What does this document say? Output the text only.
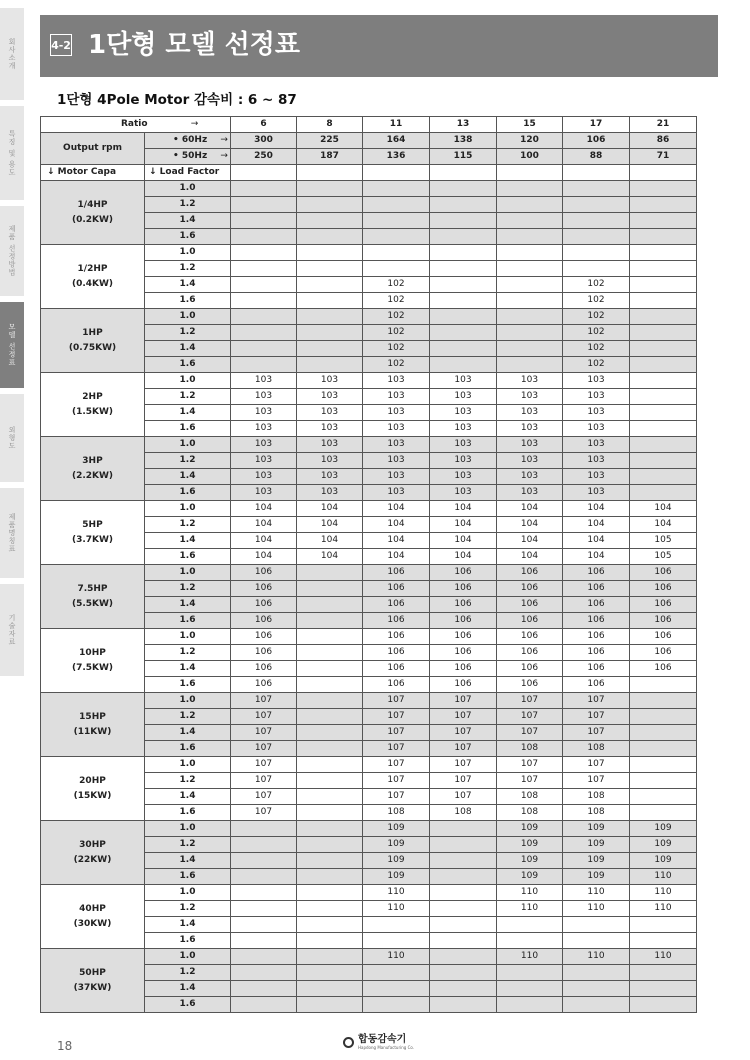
회사소개
특징 및 용도
제품 선정방법
모델 선정표
외형도
제품명칭표
기술자료
4-2 1단형 모델 선정표
1단형 4Pole Motor 감속비 : 6 ~ 87
Ratio →		6	8	11	13	15	17	21
Output rpm	• 60Hz →	300	225	164	138	120	106	86
	• 50Hz →	250	187	136	115	100	88	71
↓ Motor Capa	↓ Load Factor							

1/4HP
(0.2KW)	1.0							
	1.2							
	1.4							
	1.6							

1/2HP
(0.4KW)	1.0							
	1.2							
	1.4			102			102	
	1.6			102			102	

1HP
(0.75KW)	1.0			102			102	
	1.2			102			102	
	1.4			102			102	
	1.6			102			102	

2HP
(1.5KW)	1.0	103	103	103	103	103	103	
	1.2	103	103	103	103	103	103	
	1.4	103	103	103	103	103	103	
	1.6	103	103	103	103	103	103	

3HP
(2.2KW)	1.0	103	103	103	103	103	103	
	1.2	103	103	103	103	103	103	
	1.4	103	103	103	103	103	103	
	1.6	103	103	103	103	103	103	

5HP
(3.7KW)	1.0	104	104	104	104	104	104	104
	1.2	104	104	104	104	104	104	104
	1.4	104	104	104	104	104	104	105
	1.6	104	104	104	104	104	104	105

7.5HP
(5.5KW)	1.0	106		106	106	106	106	106
	1.2	106		106	106	106	106	106
	1.4	106		106	106	106	106	106
	1.6	106		106	106	106	106	106

10HP
(7.5KW)	1.0	106		106	106	106	106	106
	1.2	106		106	106	106	106	106
	1.4	106		106	106	106	106	106
	1.6	106		106	106	106	106	

15HP
(11KW)	1.0	107		107	107	107	107	
	1.2	107		107	107	107	107	
	1.4	107		107	107	107	107	
	1.6	107		107	107	108	108	

20HP
(15KW)	1.0	107		107	107	107	107	
	1.2	107		107	107	107	107	
	1.4	107		107	107	108	108	
	1.6	107		108	108	108	108	

30HP
(22KW)	1.0			109		109	109	109
	1.2			109		109	109	109
	1.4			109		109	109	109
	1.6			109		109	109	110

40HP
(30KW)	1.0			110		110	110	110
	1.2			110		110	110	110
	1.4							
	1.6							

50HP
(37KW)	1.0			110		110	110	110
	1.2							
	1.4							
	1.6							
18	합동감속기
Hapdong Manufacturing Co.
